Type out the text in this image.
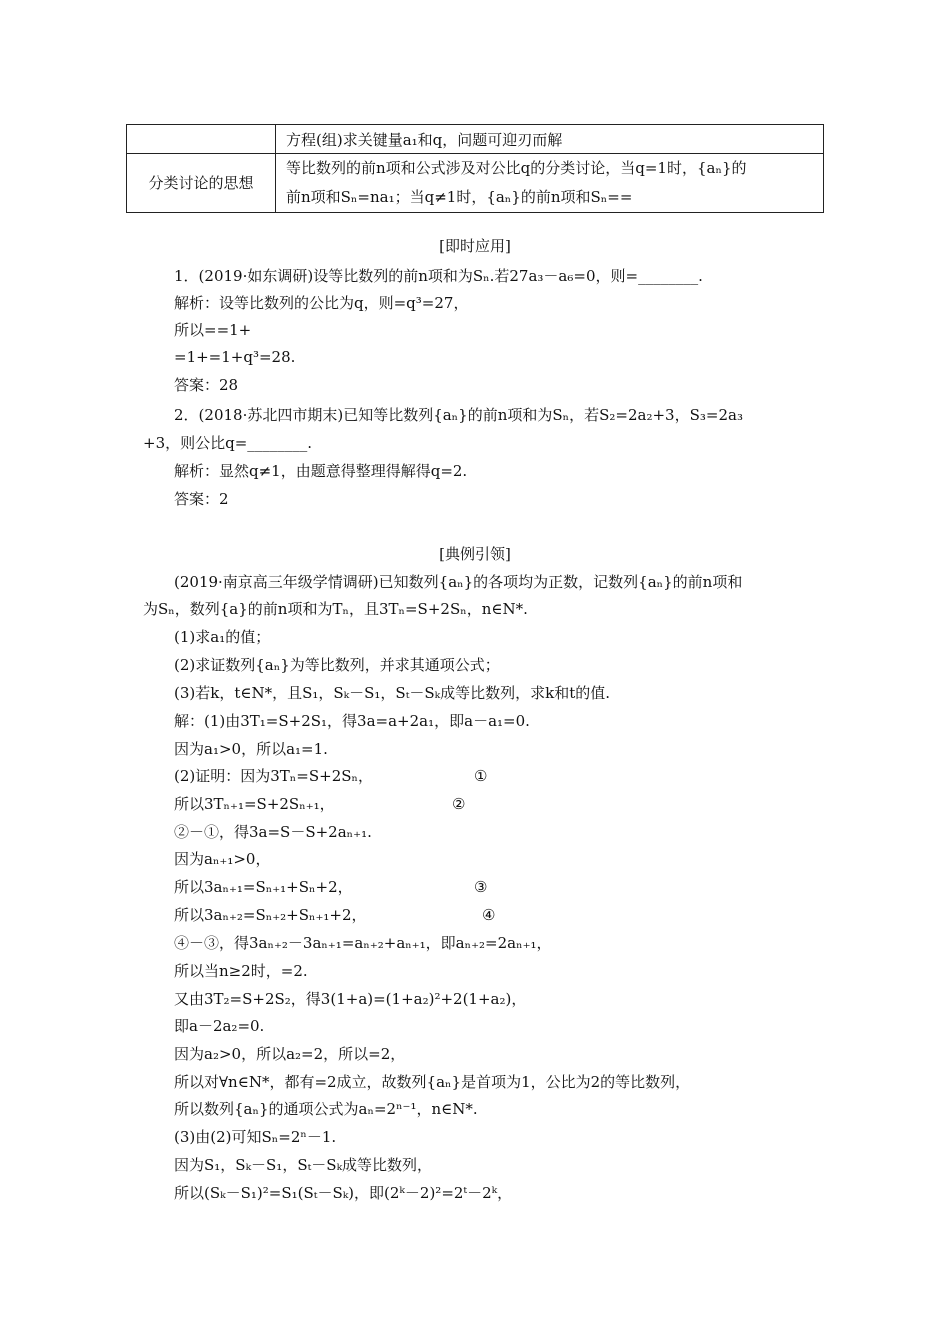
	方程(组)求关键量a₁和q，问题可迎刃而解
分类讨论的思想	等比数列的前n项和公式涉及对公比q的分类讨论，当q=1时，{aₙ}的
前n项和Sₙ=na₁；当q≠1时，{aₙ}的前n项和Sₙ==
[即时应用]
1．(2019·如东调研)设等比数列的前n项和为Sₙ.若27a₃－a₆=0，则=________.
解析：设等比数列的公比为q，则=q³=27，
所以==1+
=1+=1+q³=28.
答案：28
2．(2018·苏北四市期末)已知等比数列{aₙ}的前n项和为Sₙ，若S₂=2a₂+3，S₃=2a₃
+3，则公比q=________.
解析：显然q≠1，由题意得整理得解得q=2.
答案：2
[典例引领]
(2019·南京高三年级学情调研)已知数列{aₙ}的各项均为正数，记数列{aₙ}的前n项和
为Sₙ，数列{a}的前n项和为Tₙ，且3Tₙ=S+2Sₙ，n∈N*.
(1)求a₁的值；
(2)求证数列{aₙ}为等比数列，并求其通项公式；
(3)若k，t∈N*，且S₁，Sₖ－S₁，Sₜ－Sₖ成等比数列，求k和t的值.
解：(1)由3T₁=S+2S₁，得3a=a+2a₁，即a－a₁=0.
因为a₁>0，所以a₁=1.
(2)证明：因为3Tₙ=S+2Sₙ，	①
所以3Tₙ₊₁=S+2Sₙ₊₁，	②
②－①，得3a=S－S+2aₙ₊₁.
因为aₙ₊₁>0，
所以3aₙ₊₁=Sₙ₊₁+Sₙ+2，	③
所以3aₙ₊₂=Sₙ₊₂+Sₙ₊₁+2，	④
④－③，得3aₙ₊₂－3aₙ₊₁=aₙ₊₂+aₙ₊₁，即aₙ₊₂=2aₙ₊₁，
所以当n≥2时，=2.
又由3T₂=S+2S₂，得3(1+a)=(1+a₂)²+2(1+a₂)，
即a－2a₂=0.
因为a₂>0，所以a₂=2，所以=2，
所以对∀n∈N*，都有=2成立，故数列{aₙ}是首项为1，公比为2的等比数列，
所以数列{aₙ}的通项公式为aₙ=2ⁿ⁻¹，n∈N*.
(3)由(2)可知Sₙ=2ⁿ－1.
因为S₁，Sₖ－S₁，Sₜ－Sₖ成等比数列，
所以(Sₖ－S₁)²=S₁(Sₜ－Sₖ)，即(2ᵏ－2)²=2ᵗ－2ᵏ，
